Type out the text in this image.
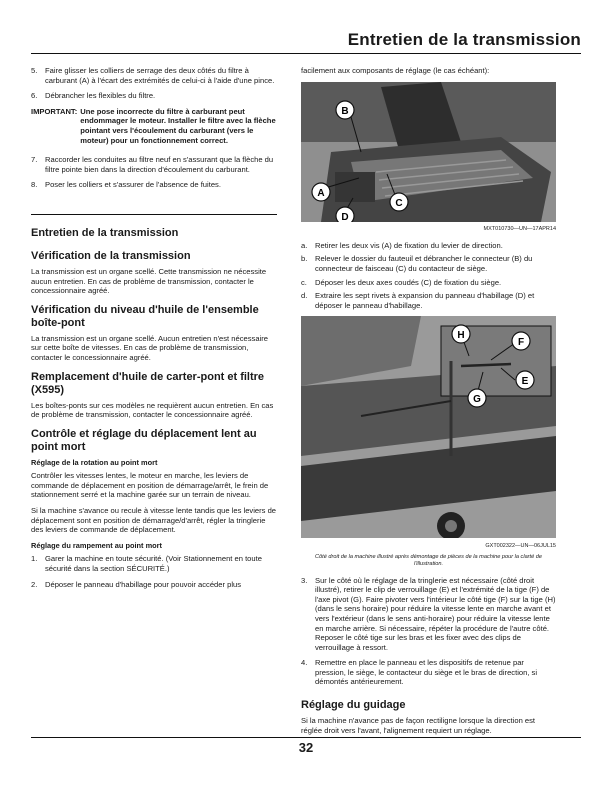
Entretien de la transmission
5. Faire glisser les colliers de serrage des deux côtés du filtre à carburant (A) à l'écart des extrémités de celui-ci à l'aide d'une pince.
6. Débrancher les flexibles du filtre.
IMPORTANT: Une pose incorrecte du filtre à carburant peut endommager le moteur. Installer le filtre avec la flèche pointant vers l'écoulement du carburant (vers le moteur) pour un fonctionnement correct.
7. Raccorder les conduites au filtre neuf en s'assurant que la flèche du filtre pointe bien dans la direction d'écoulement du carburant.
8. Poser les colliers et s'assurer de l'absence de fuites.
Entretien de la transmission
Vérification de la transmission

La transmission est un organe scellé. Cette transmission ne nécessite aucun entretien. En cas de problème de transmission, contacter le concessionnaire agréé.

Vérification du niveau d'huile de l'ensemble boîte-pont

La transmission est un organe scellé. Aucun entretien n'est nécessaire sur cette boîte de vitesses. En cas de problème de transmission, contacter le concessionnaire agréé.

Remplacement d'huile de carter-pont et filtre (X595)

Les boîtes-ponts sur ces modèles ne requièrent aucun entretien. En cas de problème de transmission, contacter le concessionnaire agréé.

Contrôle et réglage du déplacement lent au point mort
Réglage de la rotation au point mort

Contrôler les vitesses lentes, le moteur en marche, les leviers de commande de déplacement en position de démarrage/arrêt, le frein de stationnement serré et la machine garée sur un terrain de niveau.

Si la machine s'avance ou recule à vitesse lente tandis que les leviers de déplacement sont en position de démarrage/d'arrêt, régler la tringlerie des leviers de commande de déplacement.

Réglage du rampement au point mort
1. Garer la machine en toute sécurité. (Voir Stationnement en toute sécurité dans la section SÉCURITÉ.)
2. Déposer le panneau d'habillage pour pouvoir accéder plus

facilement aux composants de réglage (le cas échéant):

B
A
C
D
MXT010730—UN—17APR14
a. Retirer les deux vis (A) de fixation du levier de direction.
b. Relever le dossier du fauteuil et débrancher le connecteur (B) du connecteur de faisceau (C) du contacteur de siège.
c. Déposer les deux axes coudés (C) de fixation du siège.
d. Extraire les sept rivets à expansion du panneau d'habillage (D) et déposer le panneau d'habillage.
H
F
E
G
GXT002322—UN—06JUL15
Côté droit de la machine illustré après démontage de pièces de la machine pour la clarté de l'illustration.
3. Sur le côté où le réglage de la tringlerie est nécessaire (côté droit illustré), retirer le clip de verrouillage (E) et l'extrémité de la tige (F) de l'axe pivot (G). Faire pivoter vers l'intérieur le côté tige (F) sur la tige (H) (dans le sens horaire) pour réduire la vitesse lente en marche avant et vers l'extérieur (dans le sens anti-horaire) pour réduire la vitesse lente en marche arrière. Si nécessaire, répéter la procédure de l'autre côté. Reposer le côté tige sur les bras et les fixer avec des clips de verrouillage à ressort.
4. Remettre en place le panneau et les dispositifs de retenue par pression, le siège, le contacteur du siège et le bras de direction, si démontés antérieurement.
Réglage du guidage

Si la machine n'avance pas de façon rectiligne lorsque la direction est réglée droit vers l'avant, l'alignement requiert un réglage.

32
